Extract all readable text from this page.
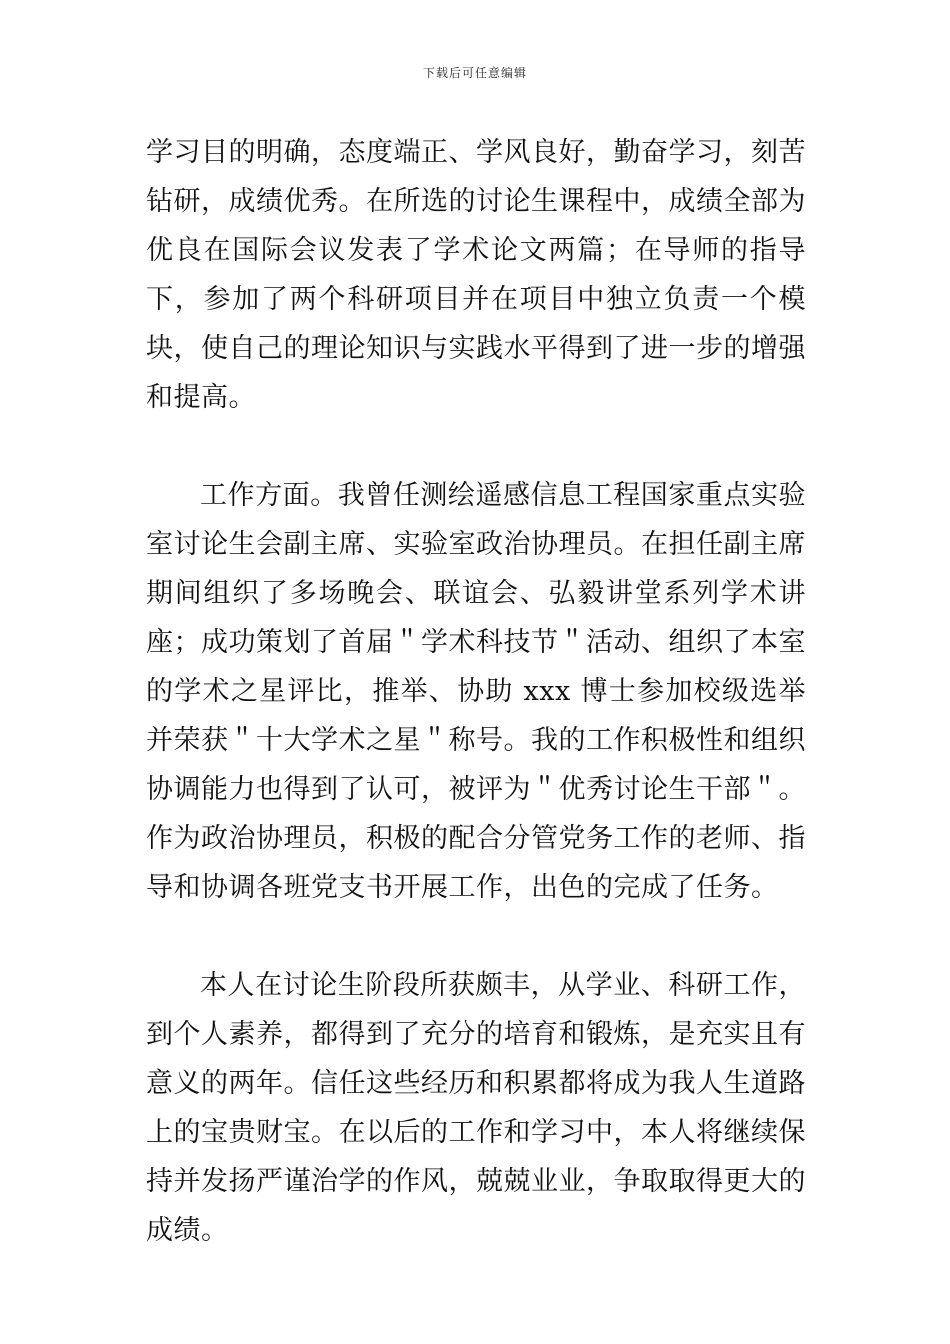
下载后可任意编辑

学习目的明确，态度端正、学风良好，勤奋学习，刻苦钻研，成绩优秀。在所选的讨论生课程中，成绩全部为优良在国际会议发表了学术论文两篇；在导师的指导下，参加了两个科研项目并在项目中独立负责一个模块，使自己的理论知识与实践水平得到了进一步的增强和提高。

工作方面。我曾任测绘遥感信息工程国家重点实验室讨论生会副主席、实验室政治协理员。在担任副主席期间组织了多场晚会、联谊会、弘毅讲堂系列学术讲座；成功策划了首届＂学术科技节＂活动、组织了本室的学术之星评比，推举、协助 xxx 博士参加校级选举并荣获＂十大学术之星＂称号。我的工作积极性和组织协调能力也得到了认可，被评为＂优秀讨论生干部＂。作为政治协理员，积极的配合分管党务工作的老师、指导和协调各班党支书开展工作，出色的完成了任务。

本人在讨论生阶段所获颇丰，从学业、科研工作，到个人素养，都得到了充分的培育和锻炼，是充实且有意义的两年。信任这些经历和积累都将成为我人生道路上的宝贵财宝。在以后的工作和学习中，本人将继续保持并发扬严谨治学的作风，兢兢业业，争取取得更大的成绩。
